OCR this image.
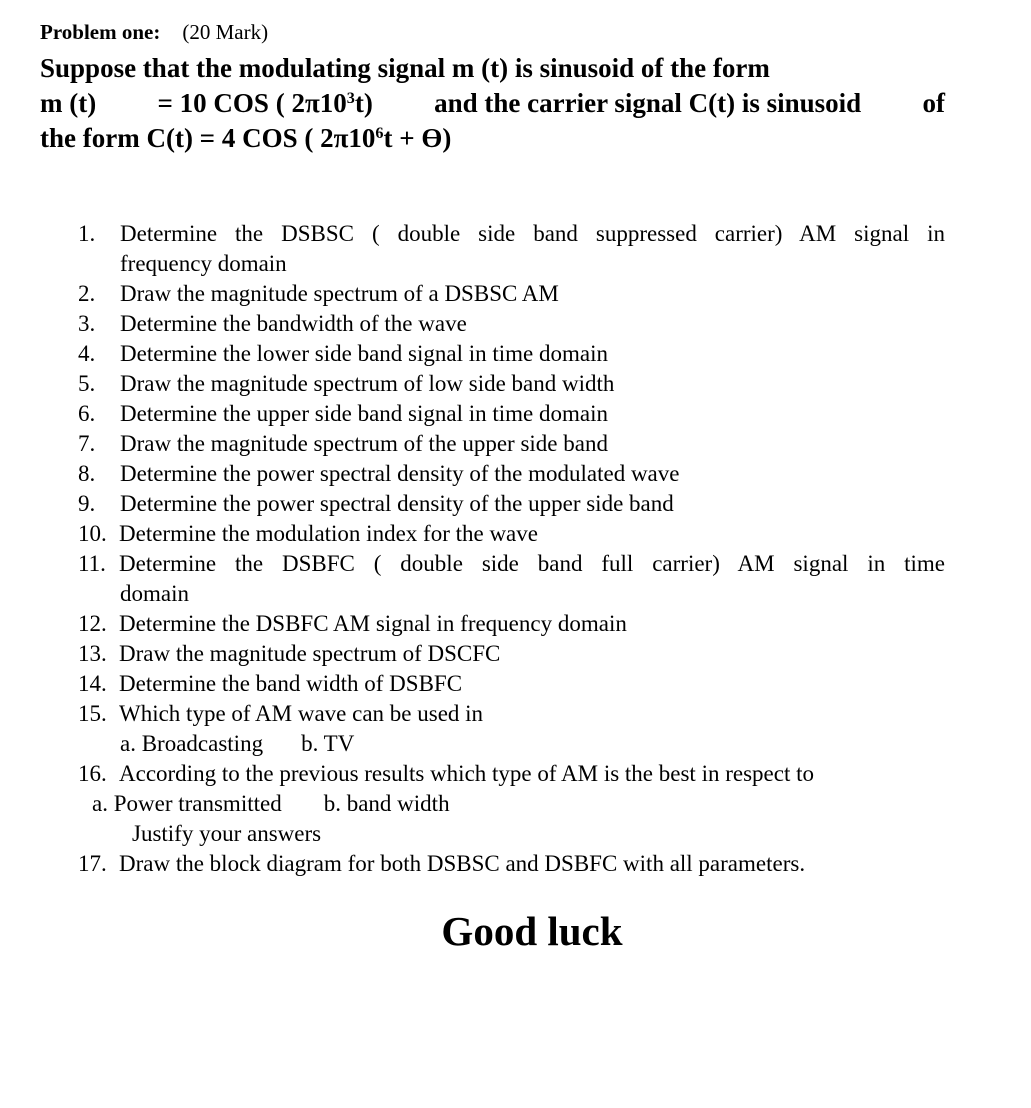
Problem one: (20 Mark)
Suppose that the modulating signal m (t) is sinusoid of the form
m (t) = 10 COS ( $2\pi 10^3t$) and the carrier signal C(t) is sinusoid of
the form C(t) = 4 COS ( $2\pi 10^6t$ + Ɵ)
1.	Determine the DSBSC ( double side band suppressed carrier) AM signal in
frequency domain
2.	Draw the magnitude spectrum of a DSBSC AM
3.	Determine the bandwidth of the wave
4.	Determine the lower side band signal in time domain
5.	Draw the magnitude spectrum of low side band width
6.	Determine the upper side band signal in time domain
7.	Draw the magnitude spectrum of the upper side band
8.	Determine the power spectral density of the modulated wave
9.	Determine the power spectral density of the upper side band
10. Determine the modulation index for the wave
11. Determine the DSBFC ( double side band full carrier) AM signal in time
domain
12. Determine the DSBFC AM signal in frequency domain
13. Draw the magnitude spectrum of DSCFC
14. Determine the band width of DSBFC
15. Which type of AM wave can be used in
a. Broadcasting b. TV
16. According to the previous results which type of AM is the best in respect to
a. Power transmitted b. band width
Justify your answers
17. Draw the block diagram for both DSBSC and DSBFC with all parameters.
Good luck
